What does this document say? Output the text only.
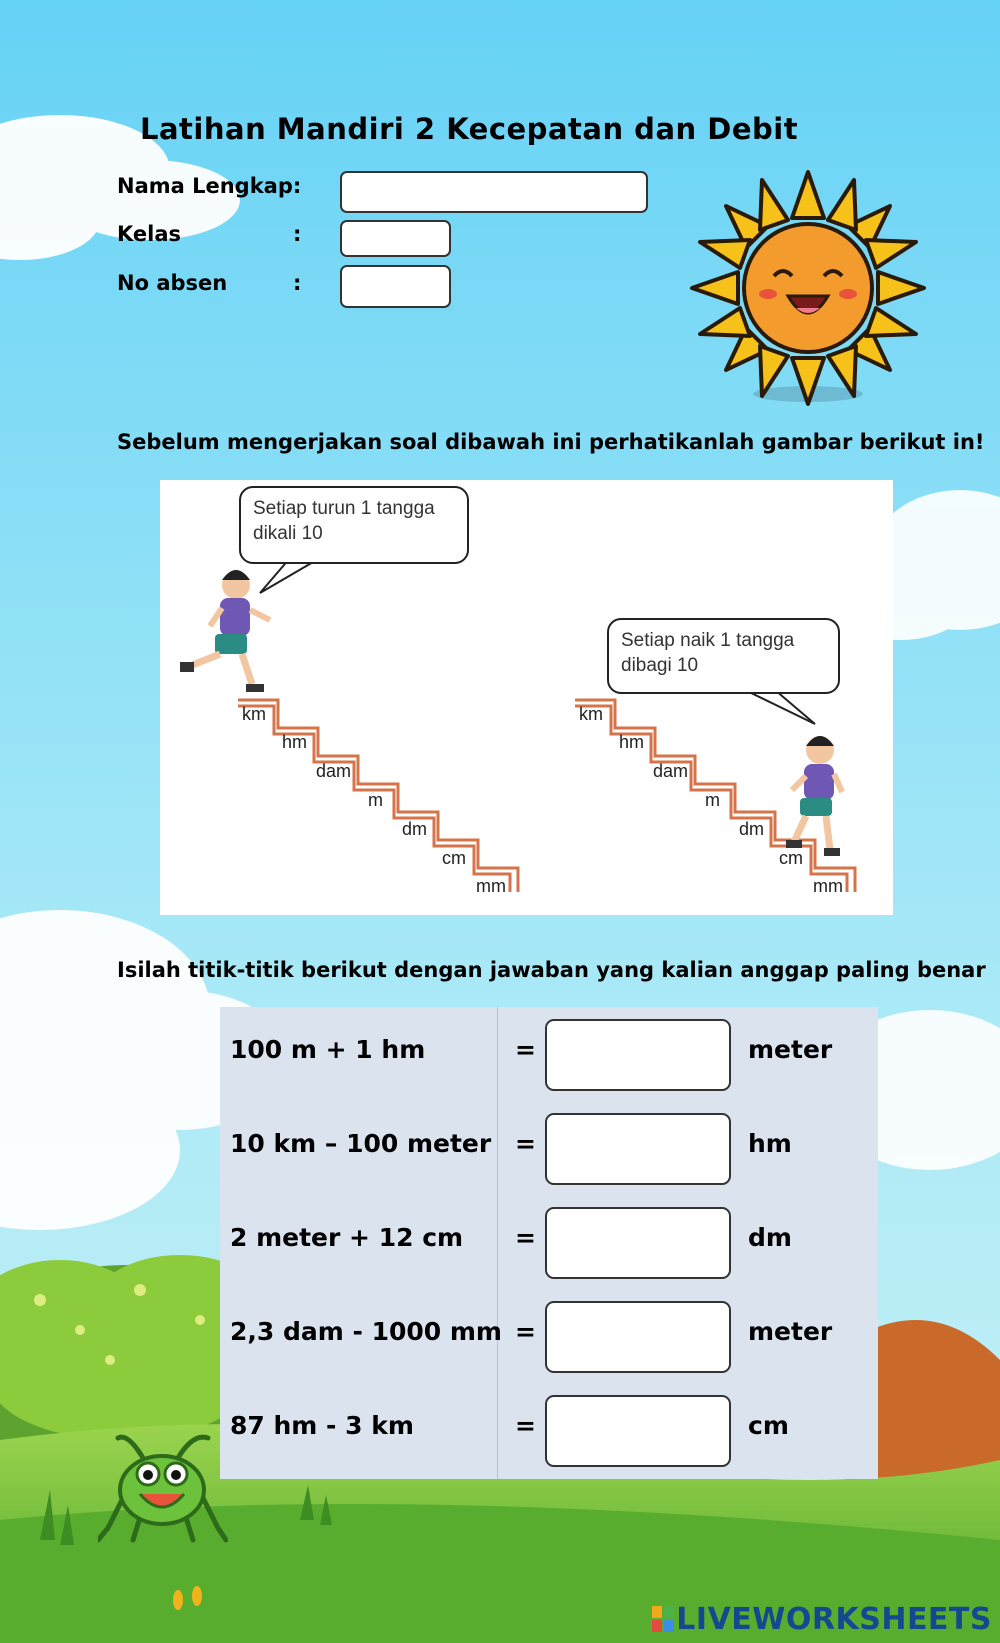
Latihan Mandiri 2 Kecepatan dan Debit
Nama Lengkap:
Kelas	:
No absen	:
Sebelum mengerjakan soal dibawah ini perhatikanlah gambar berikut in!
Setiap turun 1 tangga
dikali 10
Setiap naik 1 tangga
dibagi 10
km
hm
dam
m
dm
cm
mm
km
hm
dam
m
dm
cm
mm
Isilah titik-titik berikut dengan jawaban yang kalian anggap paling benar
100 m + 1 hm	=	meter
10 km – 100 meter =	hm
2 meter + 12 cm =	dm
2,3 dam - 1000 mm =	meter
87 hm - 3 km	=	cm
LIVEWORKSHEETS
